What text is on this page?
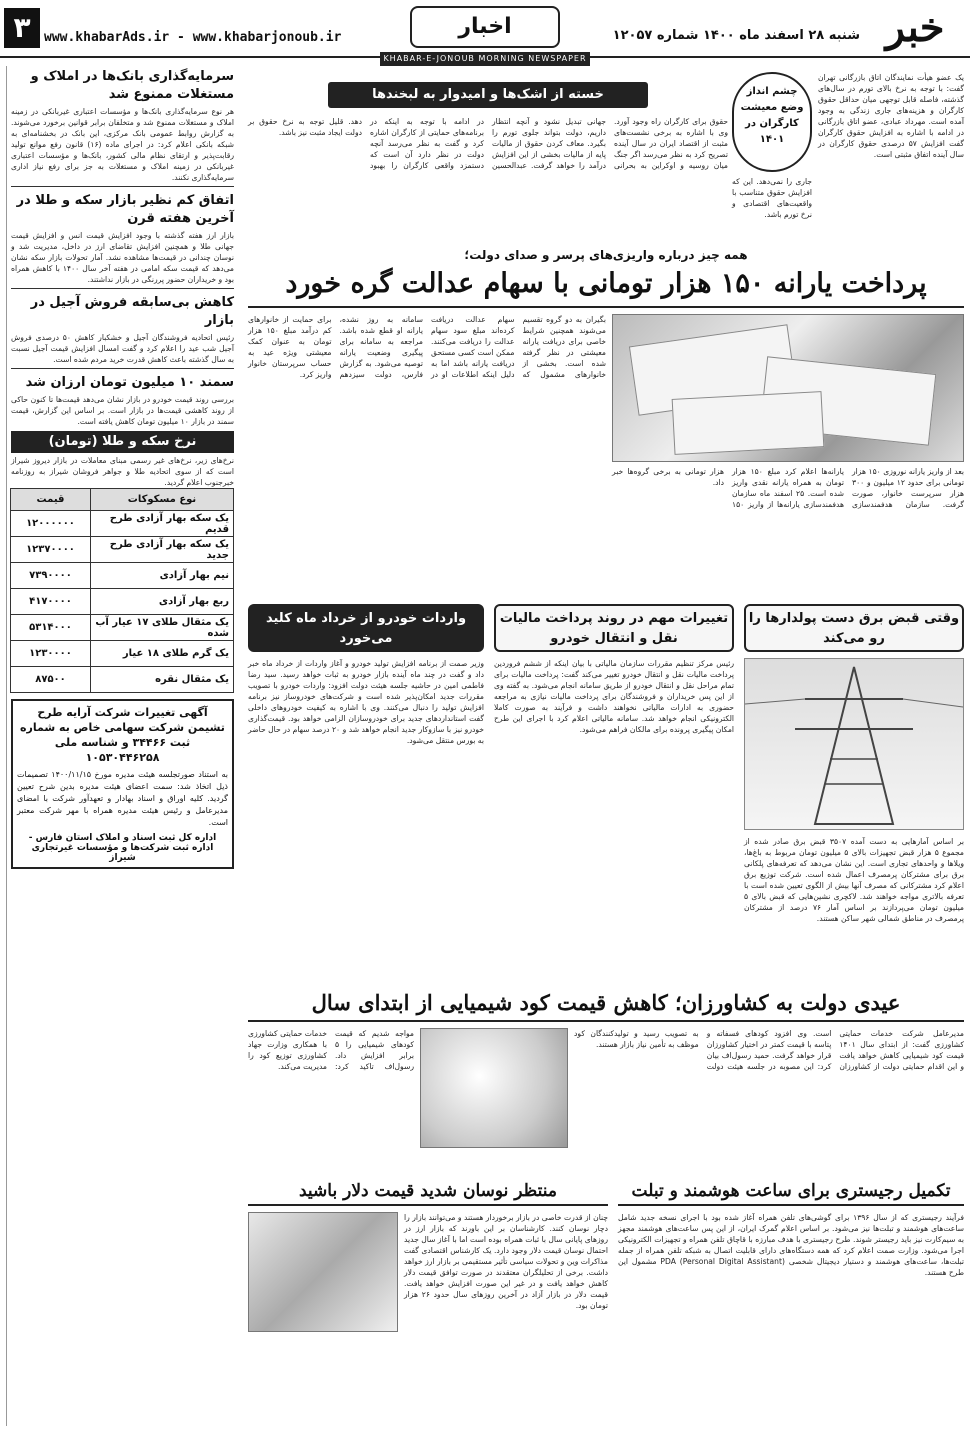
خبر
شنبه ۲۸ اسفند ماه ۱۴۰۰ شماره ۱۲۰۵۷
اخبار
www.khabarAds.ir - www.khabarjonoub.ir
۳
KHABAR-E-JONOUB MORNING NEWSPAPER
سرمایه‌گذاری بانک‌ها در املاک و مستغلات ممنوع شد
هر نوع سرمایه‌گذاری بانک‌ها و مؤسسات اعتباری غیربانکی در زمینه املاک و مستغلات ممنوع شد و متخلفان برابر قوانین برخورد می‌شوند. به گزارش روابط عمومی بانک مرکزی، این بانک در بخشنامه‌ای به شبکه بانکی اعلام کرد: در اجرای ماده (۱۶) قانون رفع موانع تولید رقابت‌پذیر و ارتقای نظام مالی کشور، بانک‌ها و مؤسسات اعتباری غیربانکی در زمینه املاک و مستغلات به جز برای رفع نیاز اداری سرمایه‌گذاری نکنند.
اتفاق کم نظیر بازار سکه و طلا در آخرین هفته قرن
بازار ارز هفته گذشته با وجود افزایش قیمت انس و افزایش قیمت جهانی طلا و همچنین افزایش تقاضای ارز در داخل، مدیریت شد و نوسان چندانی در قیمت‌ها مشاهده نشد. آمار تحولات بازار سکه نشان می‌دهد که قیمت سکه امامی در هفته آخر سال ۱۴۰۰ با کاهش همراه بود و خریداران حضور پررنگی در بازار نداشتند.
کاهش بی‌سابقه فروش آجیل در بازار
رئیس اتحادیه فروشندگان آجیل و خشکبار کاهش ۵۰ درصدی فروش آجیل شب عید را اعلام کرد و گفت امسال افزایش قیمت آجیل نسبت به سال گذشته باعث کاهش قدرت خرید مردم شده است.
سمند ۱۰ میلیون تومان ارزان شد
بررسی روند قیمت خودرو در بازار نشان می‌دهد قیمت‌ها تا کنون حاکی از روند کاهشی قیمت‌ها در بازار است. بر اساس این گزارش، قیمت سمند در بازار ۱۰ میلیون تومان کاهش یافته است.
نرخ سکه و طلا (تومان)
نرخ‌های زیر، نرخ‌های غیر رسمی مبنای معاملات در بازار دیروز شیراز است که از سوی اتحادیه طلا و جواهر فروشان شیراز به روزنامه خبرجنوب اعلام گردید.
نوع مسکوکات	قیمت
یک سکه بهار آزادی طرح قدیم	۱۲۰۰۰۰۰۰
یک سکه بهار آزادی طرح جدید	۱۲۳۷۰۰۰۰
نیم بهار آزادی	۷۳۹۰۰۰۰
ربع بهار آزادی	۴۱۷۰۰۰۰
یک مثقال طلای ۱۷ عیار آب شده	۵۳۱۴۰۰۰
یک گرم طلای ۱۸ عیار	۱۲۳۰۰۰۰
یک مثقال نقره	۸۷۵۰۰
آگهی تغییرات شرکت آرایه طرح تشیمن شرکت سهامی خاص به شماره ثبت ۳۴۴۶۶ و شناسه ملی ۱۰۵۳۰۴۴۶۲۵۸
به استناد صورتجلسه هیئت مدیره مورخ ۱۴۰۰/۱۱/۱۵ تصمیمات ذیل اتخاذ شد: سمت اعضای هیئت مدیره بدین شرح تعیین گردید. کلیه اوراق و اسناد بهادار و تعهدآور شرکت با امضای مدیرعامل و رئیس هیئت مدیره همراه با مهر شرکت معتبر است.
اداره کل ثبت اسناد و املاک استان فارس - اداره ثبت شرکت‌ها و مؤسسات غیرتجاری شیراز
خسته از اشک‌ها و امیدوار به لبخندها
حقوق برای کارگران راه وجود آورد. وی با اشاره به برخی نشست‌های مثبت از اقتصاد ایران در سال آینده تصریح کرد به نظر می‌رسد اگر جنگ میان روسیه و اوکراین به بحرانی جهانی تبدیل نشود و آنچه انتظار داریم، دولت بتواند جلوی تورم را بگیرد. معاف کردن حقوق از مالیات پایه از مالیات بخشی از این افزایش درآمد را خواهد گرفت. عبدالحسین در ادامه با توجه به اینکه در برنامه‌های حمایتی از کارگران اشاره کرد و گفت به نظر می‌رسد آنچه دولت در نظر دارد آن است که دستمزد واقعی کارگران را بهبود دهد. قلیل توجه به نرخ حقوق بر دولت ایجاد مثبت نیز باشد.
چشم انداز وضع معیشت کارگران در ۱۴۰۱
یک عضو هیأت نمایندگان اتاق بازرگانی تهران گفت: با توجه به نرخ بالای تورم در سال‌های گذشته، فاصله قابل توجهی میان حداقل حقوق کارگران و هزینه‌های جاری زندگی به وجود آمده است. مهرداد عبادی، عضو اتاق بازرگانی در ادامه با اشاره به افزایش حقوق کارگران گفت افزایش ۵۷ درصدی حقوق کارگران در سال آینده اتفاق مثبتی است.
جاری را نمی‌دهد. این که افزایش حقوق متناسب با واقعیت‌های اقتصادی و نرخ تورم باشد.
همه چیز درباره واریزی‌های پرسر و صدای دولت؛
پرداخت یارانه ۱۵۰ هزار تومانی با سهام عدالت گره خورد
بگیران به دو گروه تقسیم می‌شوند همچنین شرایط خاصی برای دریافت یارانه معیشتی در نظر گرفته شده است. بخشی از خانوارهای مشمول که سهام عدالت دریافت کرده‌اند مبلغ سود سهام عدالت را دریافت می‌کنند. ممکن است کسی مستحق دریافت یارانه باشد اما به دلیل اینکه اطلاعات او در سامانه به روز نشده، یارانه او قطع شده باشد. مراجعه به سامانه برای پیگیری وضعیت یارانه توصیه می‌شود. به گزارش فارس، دولت سیزدهم برای حمایت از خانوارهای کم درآمد مبلغ ۱۵۰ هزار تومان به عنوان کمک معیشتی ویژه عید به حساب سرپرستان خانوار واریز کرد.
بعد از واریز یارانه نوروزی ۱۵۰ هزار تومانی برای حدود ۱۲ میلیون و ۳۰۰ هزار سرپرست خانوار، صورت گرفت. سازمان هدفمندسازی یارانه‌ها اعلام کرد مبلغ ۱۵۰ هزار تومان به همراه یارانه نقدی واریز شده است. ۲۵ اسفند ماه سازمان هدفمندسازی یارانه‌ها از واریز ۱۵۰ هزار تومانی به برخی گروه‌ها خبر داد.
وقتی قبض برق دست پولدارها را رو می‌کند
بر اساس آمارهایی به دست آمده ۳۵۰۷ قبض برق صادر شده از مجموع ۵ هزار قبض تجهیزات بالای ۵ میلیون تومان مربوط به باغ‌ها، ویلاها و واحدهای تجاری است. این نشان می‌دهد که تعرفه‌های پلکانی برق برای مشترکان پرمصرف اعمال شده است. شرکت توزیع برق اعلام کرد مشترکانی که مصرف آنها بیش از الگوی تعیین شده است با تعرفه بالاتری مواجه خواهند شد. لاکچری نشین‌هایی که قبض بالای ۵ میلیون تومان می‌پردازند بر اساس آمار ۷۶ درصد از مشترکان پرمصرف در مناطق شمالی شهر ساکن هستند.
تغییرات مهم در روند پرداخت مالیات نقل و انتقال خودرو
رئیس مرکز تنظیم مقررات سازمان مالیاتی با بیان اینکه از ششم فروردین پرداخت مالیات نقل و انتقال خودرو تغییر می‌کند گفت: پرداخت مالیات برای تمام مراحل نقل و انتقال خودرو از طریق سامانه انجام می‌شود. به گفته وی از این پس خریداران و فروشندگان برای پرداخت مالیات نیازی به مراجعه حضوری به ادارات مالیاتی نخواهند داشت و فرآیند به صورت کاملا الکترونیکی انجام خواهد شد. سامانه مالیاتی اعلام کرد با اجرای این طرح امکان پیگیری پرونده برای مالکان فراهم می‌شود.
واردات خودرو از خرداد ماه کلید می‌خورد
وزیر صمت از برنامه افزایش تولید خودرو و آغاز واردات از خرداد ماه خبر داد و گفت در چند ماه آینده بازار خودرو به ثبات خواهد رسید. سید رضا فاطمی امین در حاشیه جلسه هیئت دولت افزود: واردات خودرو با تصویب مقررات جدید امکان‌پذیر شده است و شرکت‌های خودروساز نیز برنامه افزایش تولید را دنبال می‌کنند. وی با اشاره به کیفیت خودروهای داخلی گفت استانداردهای جدید برای خودروسازان الزامی خواهد بود. قیمت‌گذاری خودرو نیز با سازوکار جدید انجام خواهد شد و ۲۰ درصد سهام در حال حاضر به بورس منتقل می‌شود.
عیدی دولت به کشاورزان؛ کاهش قیمت کود شیمیایی از ابتدای سال
مدیرعامل شرکت خدمات حمایتی کشاورزی گفت: از ابتدای سال ۱۴۰۱ قیمت کود شیمیایی کاهش خواهد یافت و این اقدام حمایتی دولت از کشاورزان است. وی افزود کودهای فسفاته و پتاسه با قیمت کمتر در اختیار کشاورزان قرار خواهد گرفت. حمید رسول‌اف بیان کرد: این مصوبه در جلسه هیئت دولت به تصویب رسید و تولیدکنندگان کود موظف به تأمین نیاز بازار هستند.
مواجه شدیم که قیمت کودهای شیمیایی را ۵ برابر افزایش داد. رسول‌اف تاکید کرد: خدمات حمایتی کشاورزی با همکاری وزارت جهاد کشاورزی توزیع کود را مدیریت می‌کند.
تکمیل رجیستری برای ساعت هوشمند و تبلت
فرآیند رجیستری که از سال ۱۳۹۶ برای گوشی‌های تلفن همراه آغاز شده بود با اجرای نسخه جدید شامل ساعت‌های هوشمند و تبلت‌ها نیز می‌شود. بر اساس اعلام گمرک ایران، از این پس ساعت‌های هوشمند مجهز به سیم‌کارت نیز باید رجیستر شوند. طرح رجیستری با هدف مبارزه با قاچاق تلفن همراه و تجهیزات الکترونیکی اجرا می‌شود. وزارت صمت اعلام کرد که همه دستگاه‌های دارای قابلیت اتصال به شبکه تلفن همراه از جمله تبلت‌ها، ساعت‌های هوشمند و دستیار دیجیتال شخصی (PDA (Personal Digital Assistant مشمول این طرح هستند.
منتظر نوسان شدید قیمت دلار باشید
چنان از قدرت خاصی در بازار برخوردار هستند و می‌توانند بازار را دچار نوسان کنند. کارشناسان بر این باورند که بازار ارز در روزهای پایانی سال با ثبات همراه بوده است اما با آغاز سال جدید احتمال نوسان قیمت دلار وجود دارد. یک کارشناس اقتصادی گفت مذاکرات وین و تحولات سیاسی تأثیر مستقیمی بر بازار ارز خواهد داشت. برخی از تحلیلگران معتقدند در صورت توافق قیمت دلار کاهش خواهد یافت و در غیر این صورت افزایش خواهد یافت. قیمت دلار در بازار آزاد در آخرین روزهای سال حدود ۲۶ هزار تومان بود.
